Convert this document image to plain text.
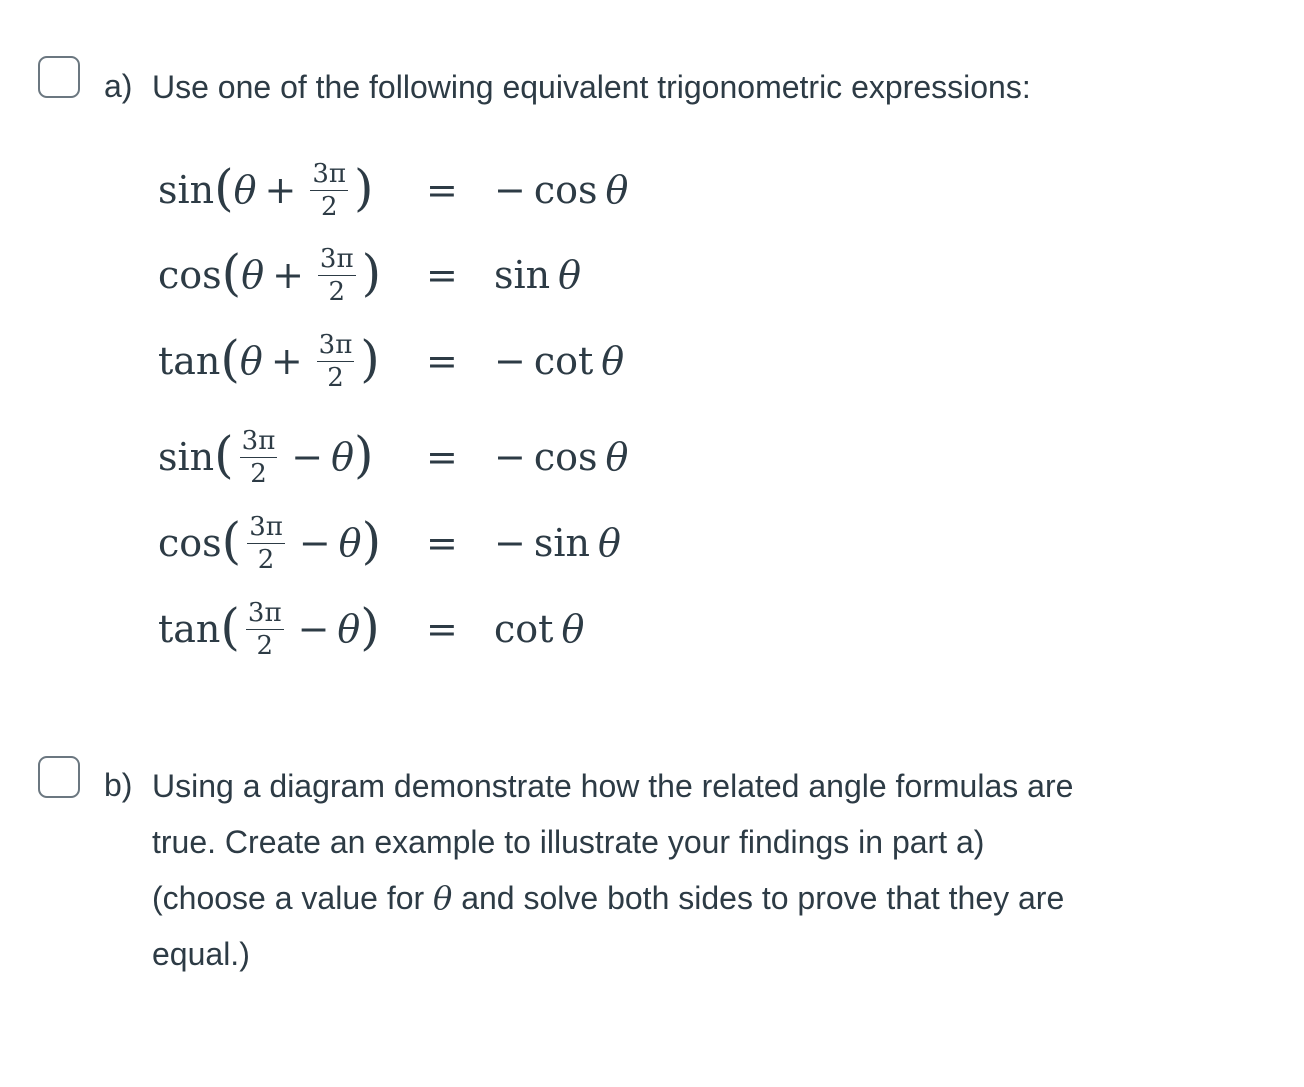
a) Use one of the following equivalent trigonometric expressions:
sin ( $\theta + \frac{3\pi}{2}$ ) = − cos θ
cos ( $\theta + \frac{3\pi}{2}$ ) = sin θ
tan ( $\theta + \frac{3\pi}{2}$ ) = − cot θ
sin ( $\frac{3\pi}{2} - \theta$ ) = − cos θ
cos ( $\frac{3\pi}{2} - \theta$ ) = − sin θ
tan ( $\frac{3\pi}{2} - \theta$ ) = cot θ
b) Using a diagram demonstrate how the related angle formulas are
true. Create an example to illustrate your findings in part a)
(choose a value for θ and solve both sides to prove that they are
equal.)
